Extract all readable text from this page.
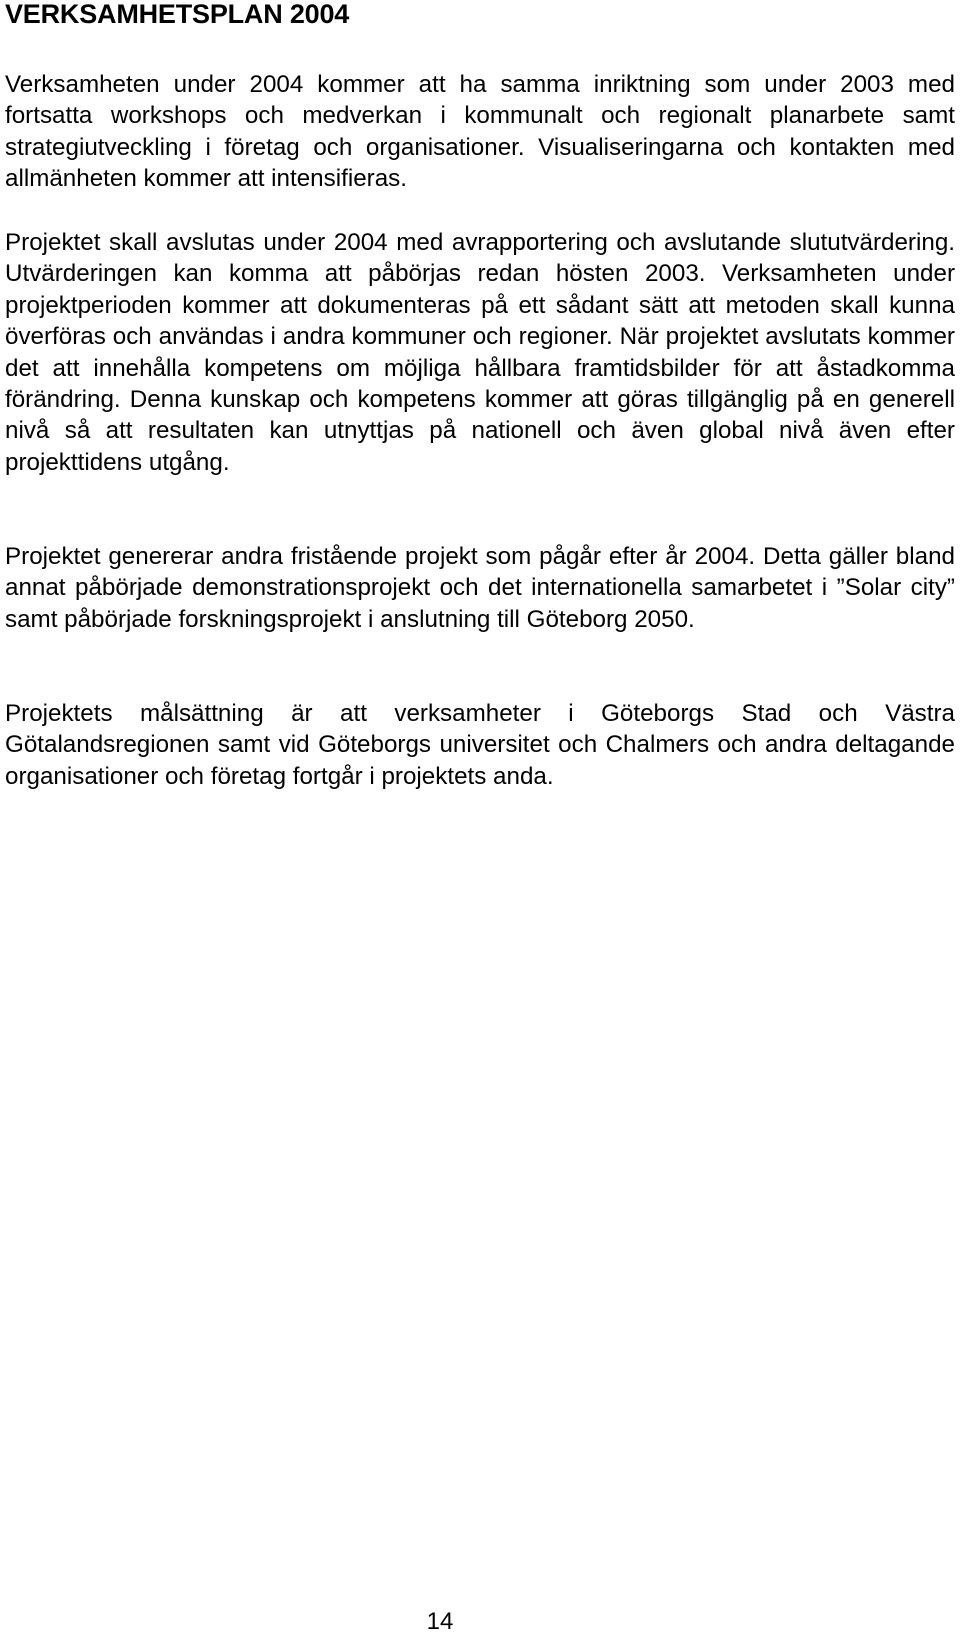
VERKSAMHETSPLAN 2004

Verksamheten under 2004 kommer att ha samma inriktning som under 2003 med fortsatta workshops och medverkan i kommunalt och regionalt planarbete samt strategiutveckling i företag och organisationer. Visualiseringarna och kontakten med allmänheten kommer att intensifieras.

Projektet skall avslutas under 2004 med avrapportering och avslutande slututvärdering. Utvärderingen kan komma att påbörjas redan hösten 2003. Verksamheten under projektperioden kommer att dokumenteras på ett sådant sätt att metoden skall kunna överföras och användas i andra kommuner och regioner. När projektet avslutats kommer det att innehålla kompetens om möjliga hållbara framtidsbilder för att åstadkomma förändring. Denna kunskap och kompetens kommer att göras tillgänglig på en generell nivå så att resultaten kan utnyttjas på nationell och även global nivå även efter projekttidens utgång.

Projektet genererar andra fristående projekt som pågår efter år 2004. Detta gäller bland annat påbörjade demonstrationsprojekt och det internationella samarbetet i ”Solar city” samt påbörjade forskningsprojekt i anslutning till Göteborg 2050.

Projektets målsättning är att verksamheter i Göteborgs Stad och Västra Götalandsregionen samt vid Göteborgs universitet och Chalmers och andra deltagande organisationer och företag fortgår i projektets anda.

14
